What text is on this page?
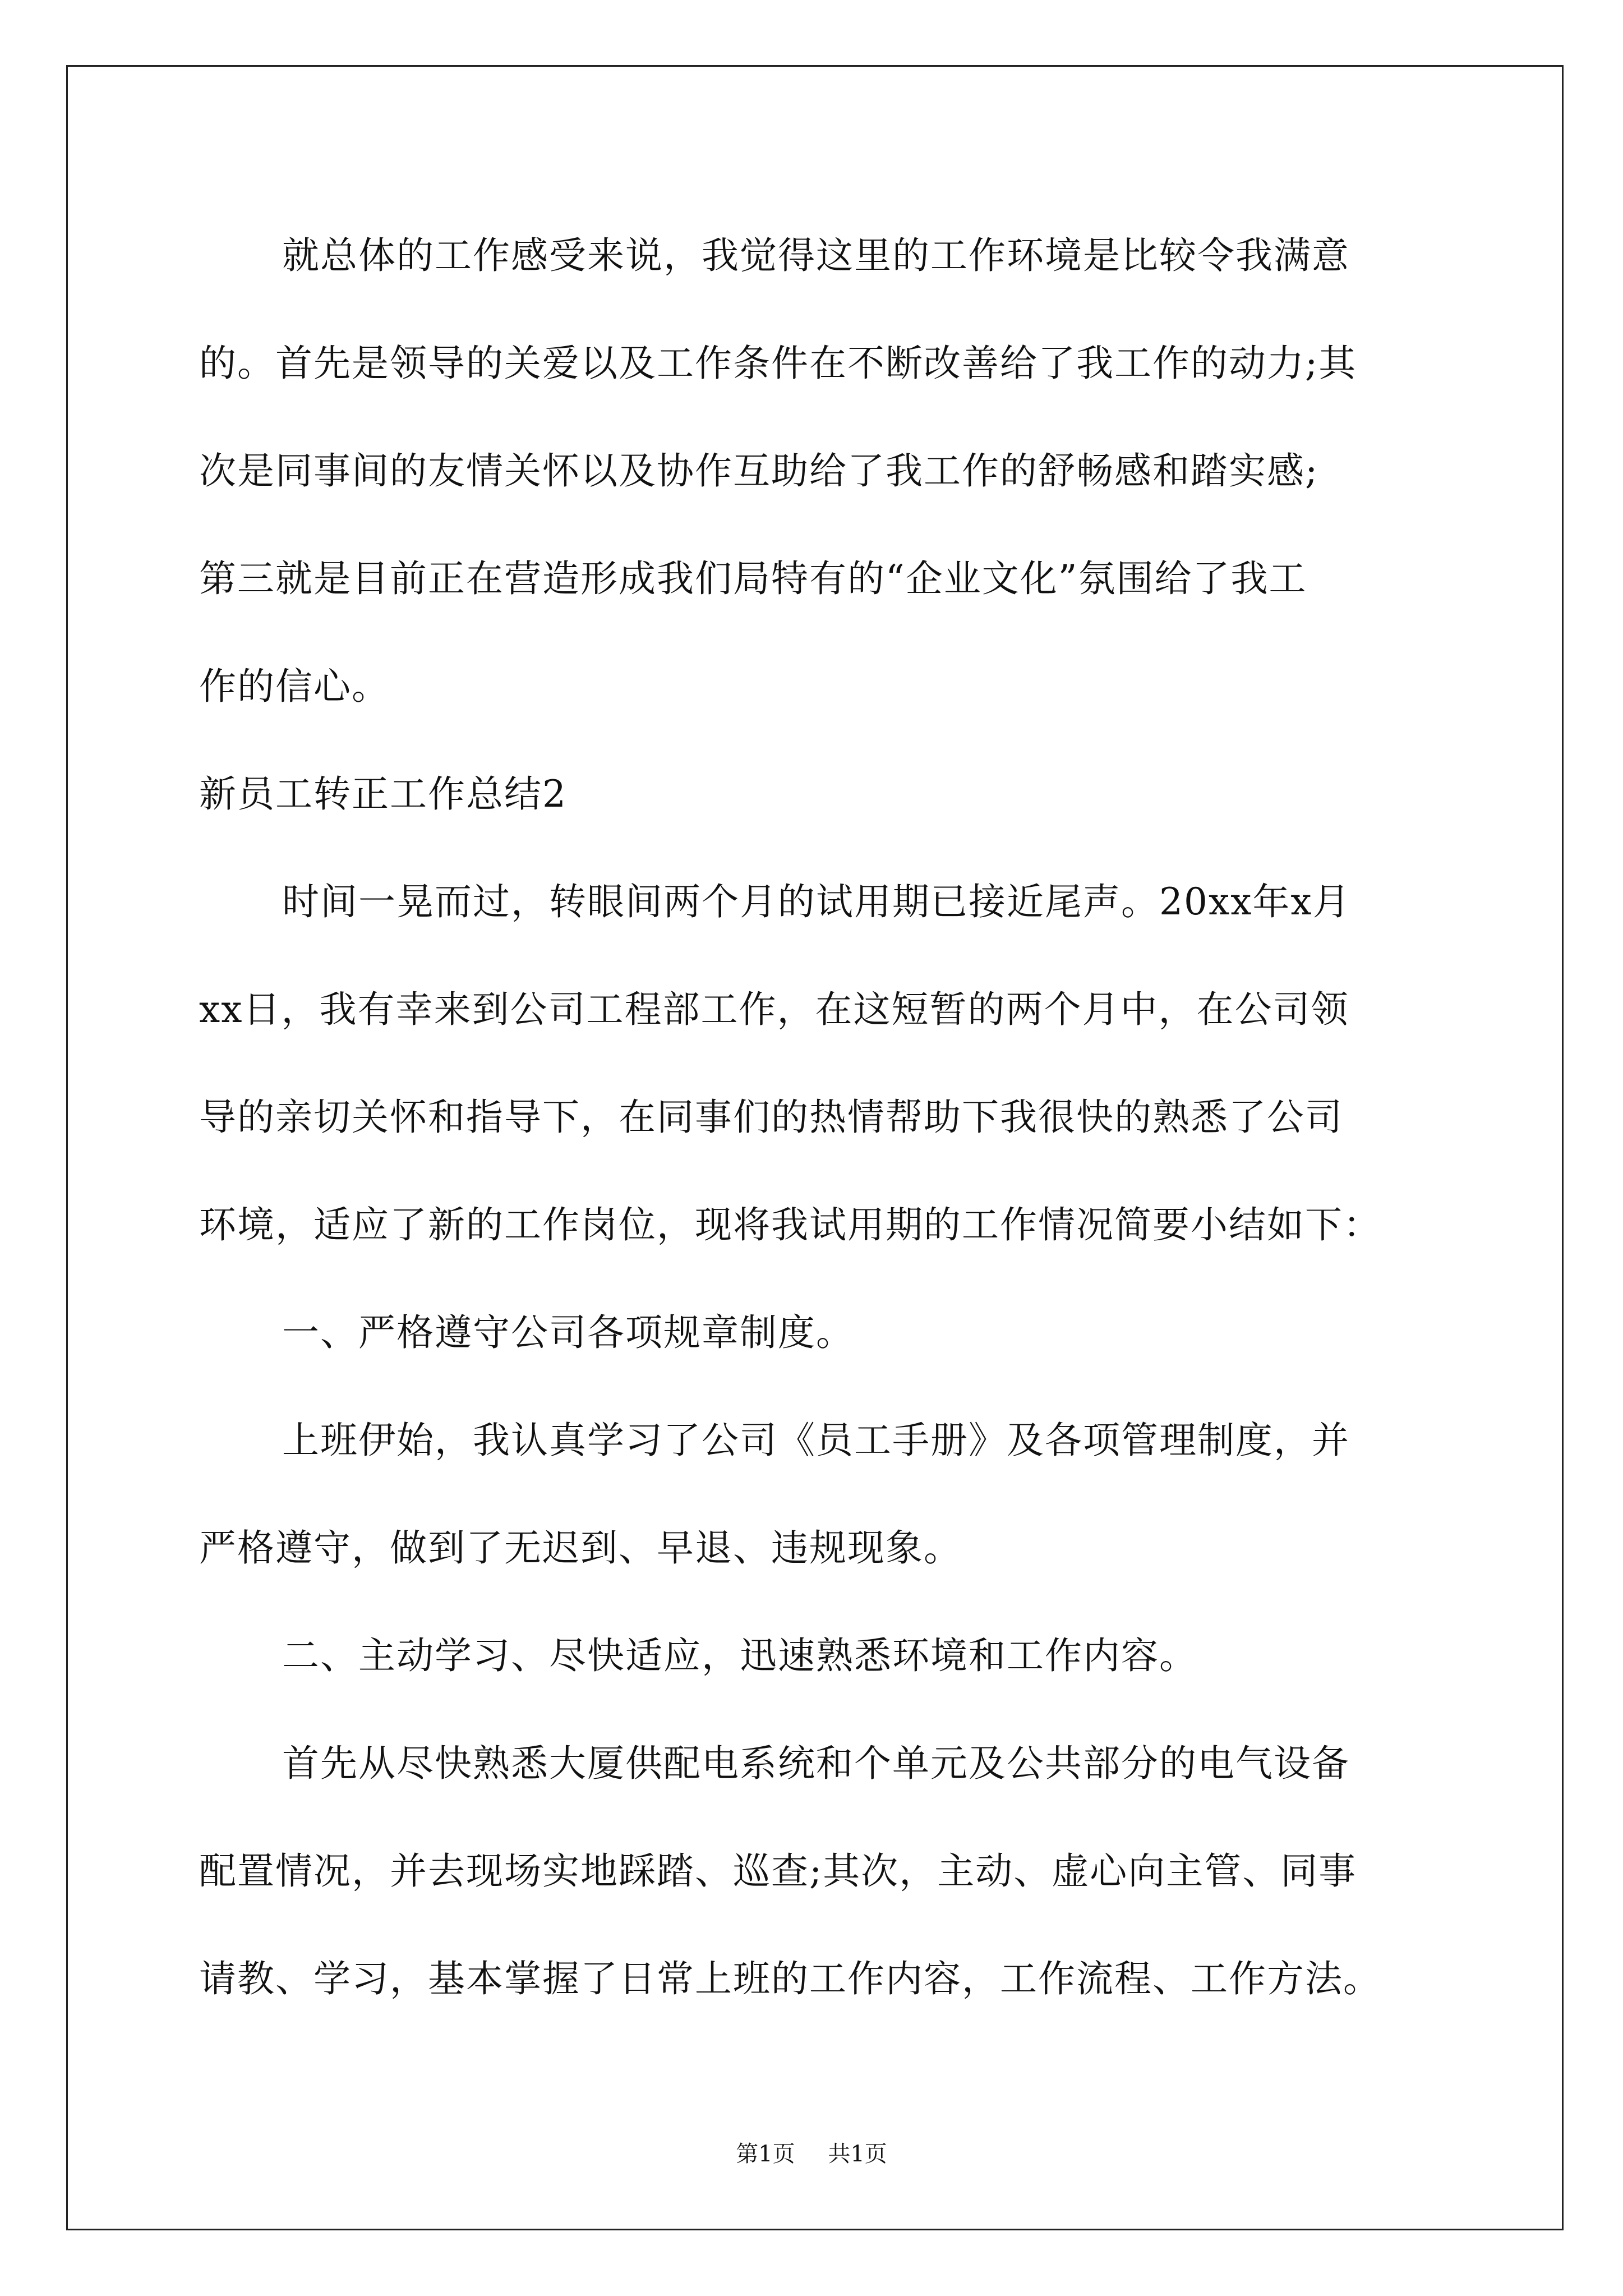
就总体的工作感受来说，我觉得这里的工作环境是比较令我满意
的。首先是领导的关爱以及工作条件在不断改善给了我工作的动力;其
次是同事间的友情关怀以及协作互助给了我工作的舒畅感和踏实感;
第三就是目前正在营造形成我们局特有的“企业文化”氛围给了我工
作的信心。
新员工转正工作总结2
时间一晃而过，转眼间两个月的试用期已接近尾声。20xx年x月
xx日，我有幸来到公司工程部工作，在这短暂的两个月中，在公司领
导的亲切关怀和指导下，在同事们的热情帮助下我很快的熟悉了公司
环境，适应了新的工作岗位，现将我试用期的工作情况简要小结如下：
一、严格遵守公司各项规章制度。
上班伊始，我认真学习了公司《员工手册》及各项管理制度，并
严格遵守，做到了无迟到、早退、违规现象。
二、主动学习、尽快适应，迅速熟悉环境和工作内容。
首先从尽快熟悉大厦供配电系统和个单元及公共部分的电气设备
配置情况，并去现场实地踩踏、巡查;其次，主动、虚心向主管、同事
请教、学习，基本掌握了日常上班的工作内容，工作流程、工作方法。
第1页 共1页
